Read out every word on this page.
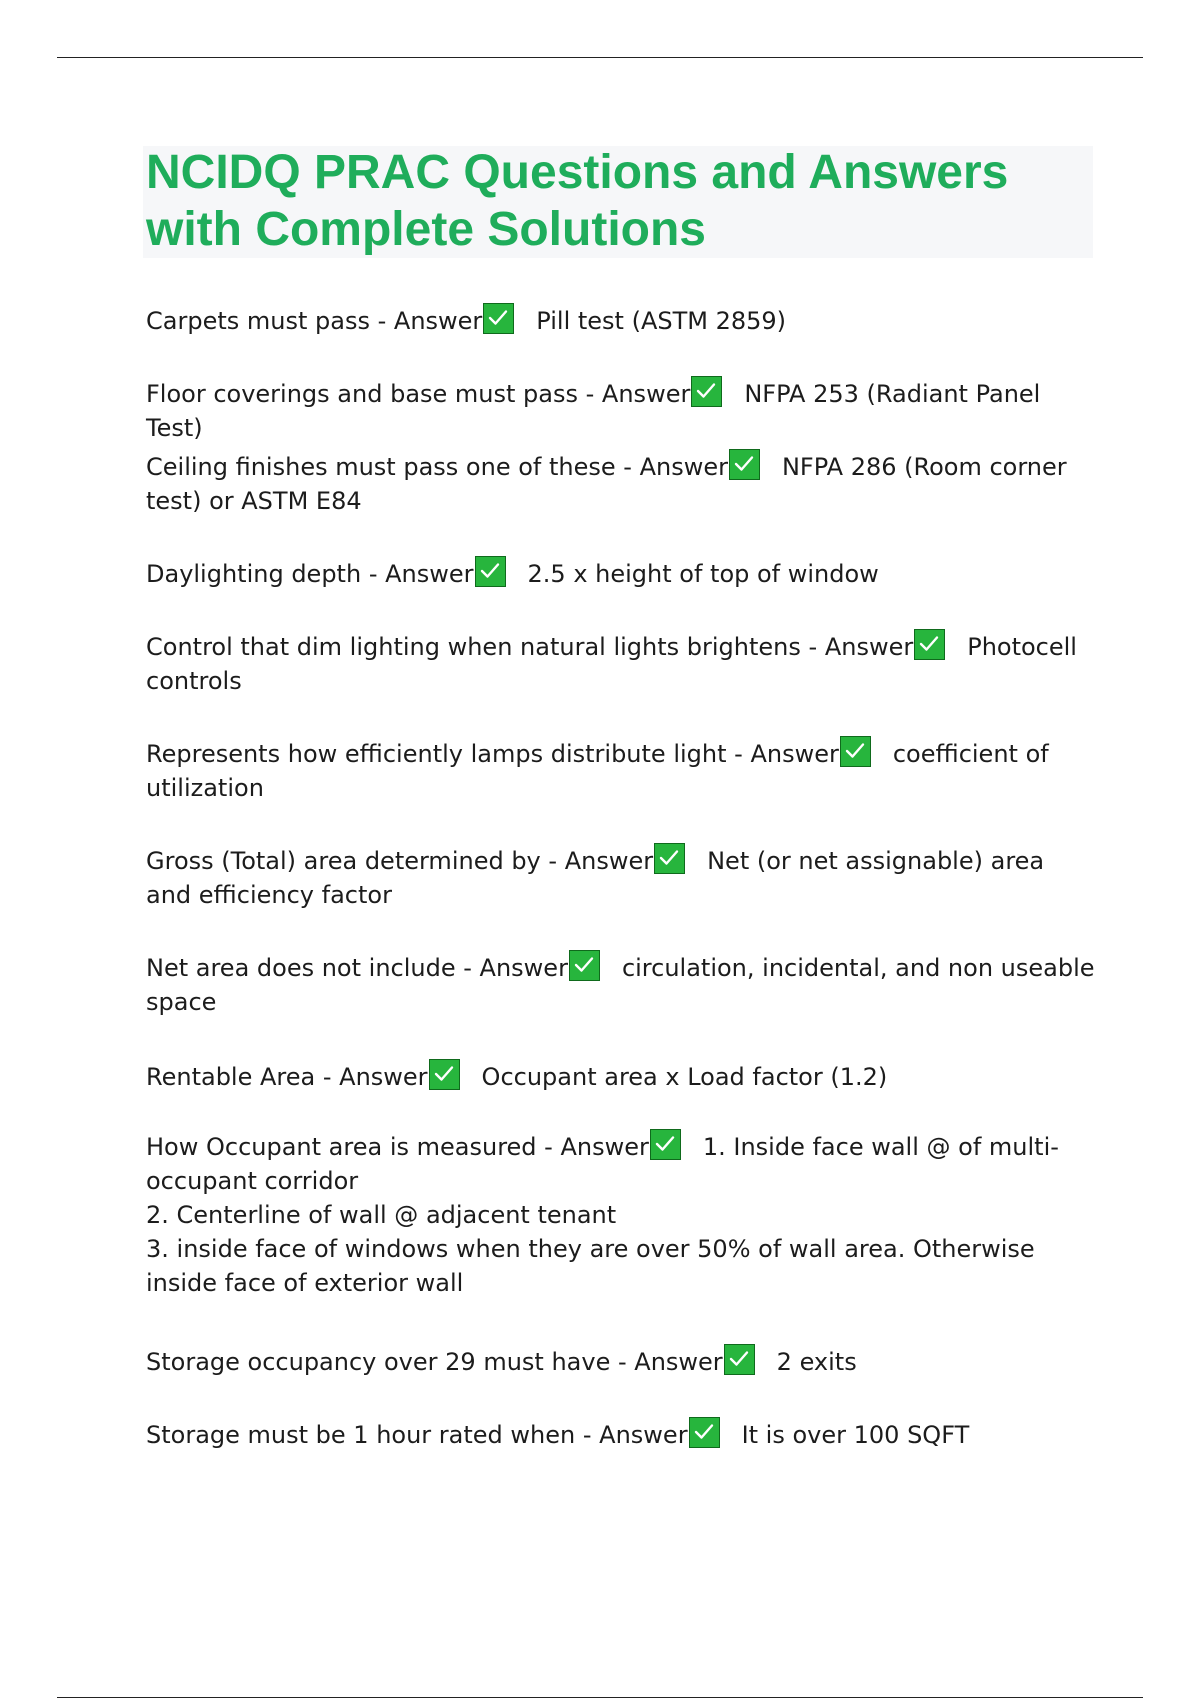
NCIDQ PRAC Questions and Answers with Complete Solutions

Carpets must pass - Answer Pill test (ASTM 2859)

Floor coverings and base must pass - Answer NFPA 253 (Radiant Panel Test)

Ceiling finishes must pass one of these - Answer NFPA 286 (Room corner test) or ASTM E84

Daylighting depth - Answer 2.5 x height of top of window

Control that dim lighting when natural lights brightens - Answer Photocell controls

Represents how efficiently lamps distribute light - Answer coefficient of utilization

Gross (Total) area determined by - Answer Net (or net assignable) area and efficiency factor

Net area does not include - Answer circulation, incidental, and non useable space

Rentable Area - Answer Occupant area x Load factor (1.2)

How Occupant area is measured - Answer 1. Inside face wall @ of multi-occupant corridor
2. Centerline of wall @ adjacent tenant
3. inside face of windows when they are over 50% of wall area. Otherwise inside face of exterior wall

Storage occupancy over 29 must have - Answer 2 exits

Storage must be 1 hour rated when - Answer It is over 100 SQFT
